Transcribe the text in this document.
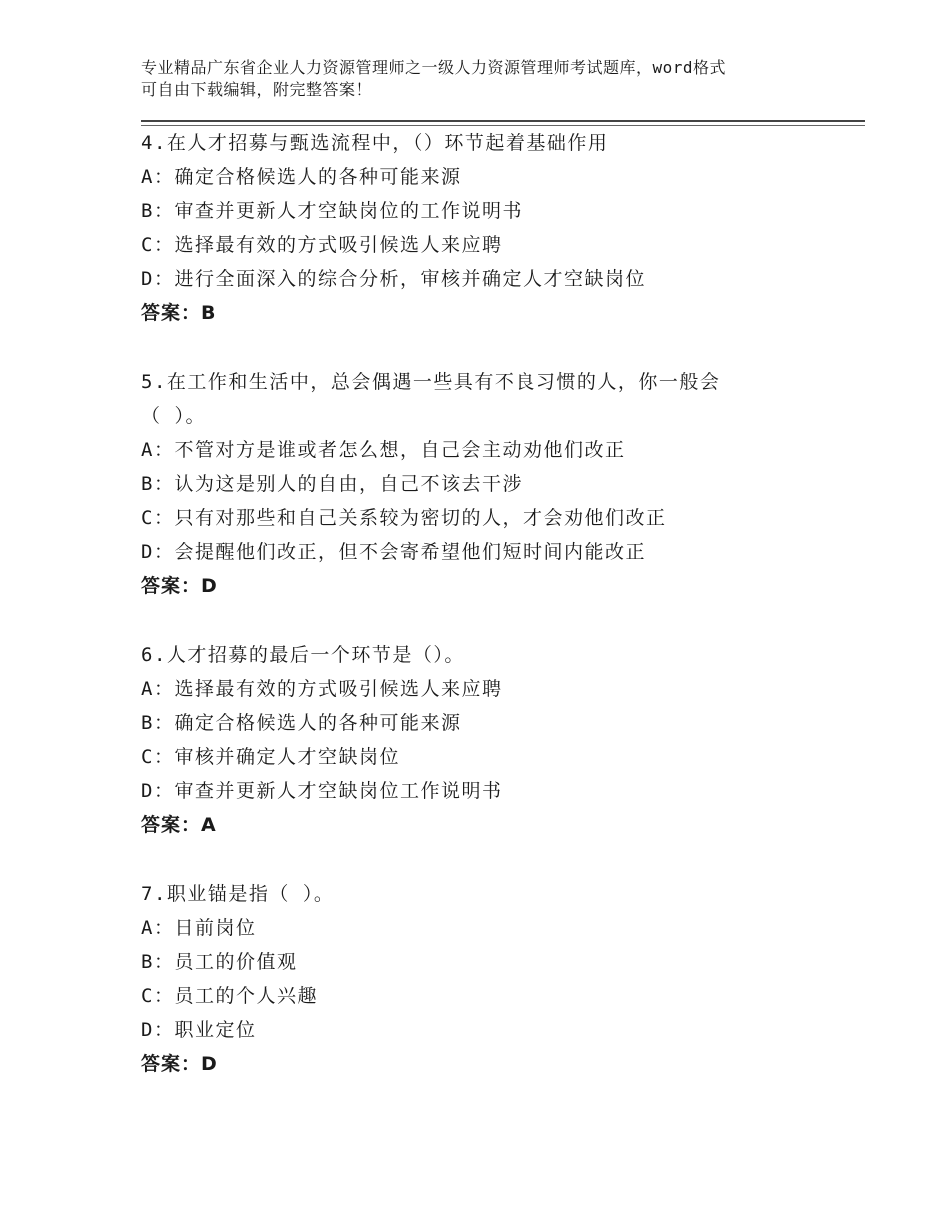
专业精品广东省企业人力资源管理师之一级人力资源管理师考试题库，word格式
可自由下载编辑，附完整答案！
4.在人才招募与甄选流程中，（）环节起着基础作用
A：确定合格候选人的各种可能来源
B：审查并更新人才空缺岗位的工作说明书
C：选择最有效的方式吸引候选人来应聘
D：进行全面深入的综合分析，审核并确定人才空缺岗位
答案：B
5.在工作和生活中，总会偶遇一些具有不良习惯的人，你一般会
（ ）。
A：不管对方是谁或者怎么想，自己会主动劝他们改正
B：认为这是别人的自由，自己不该去干涉
C：只有对那些和自己关系较为密切的人，才会劝他们改正
D：会提醒他们改正，但不会寄希望他们短时间内能改正
答案：D
6.人才招募的最后一个环节是（）。
A：选择最有效的方式吸引候选人来应聘
B：确定合格候选人的各种可能来源
C：审核并确定人才空缺岗位
D：审查并更新人才空缺岗位工作说明书
答案：A
7.职业锚是指（ ）。
A：日前岗位
B：员工的价值观
C：员工的个人兴趣
D：职业定位
答案：D
